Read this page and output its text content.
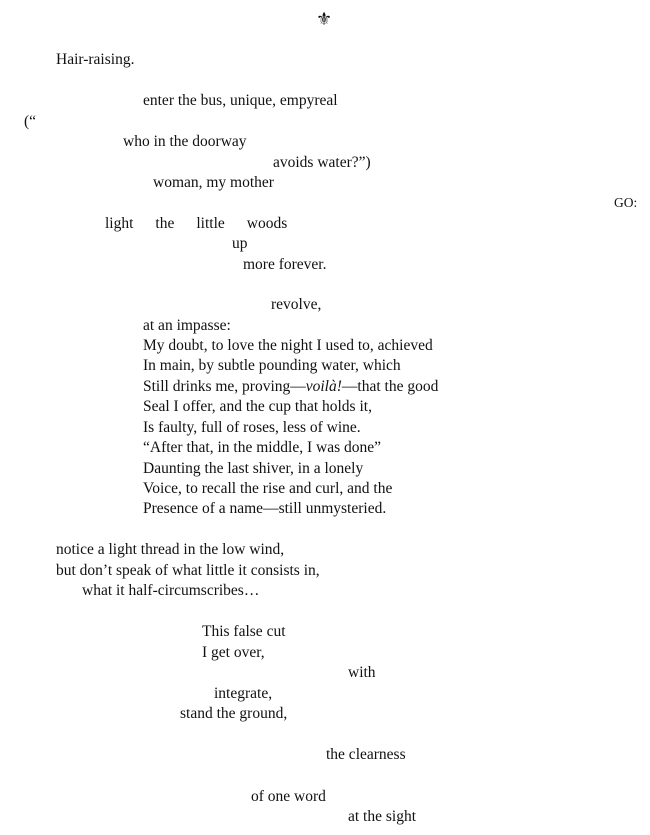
⚜

Hair-raising.

enter the bus, unique, empyreal

(“

who in the doorway

avoids water?”)

woman, my mother

GO:

light the little woods

up

more forever.

revolve,

at an impasse:

My doubt, to love the night I used to, achieved

In main, by subtle pounding water, which

Still drinks me, proving—voilà!—that the good

Seal I offer, and the cup that holds it,

Is faulty, full of roses, less of wine.

“After that, in the middle, I was done”

Daunting the last shiver, in a lonely

Voice, to recall the rise and curl, and the

Presence of a name—still unmysteried.

notice a light thread in the low wind,

but don’t speak of what little it consists in,

what it half-circumscribes…

This false cut

I get over,

with

integrate,

stand the ground,

the clearness

of one word

at the sight
